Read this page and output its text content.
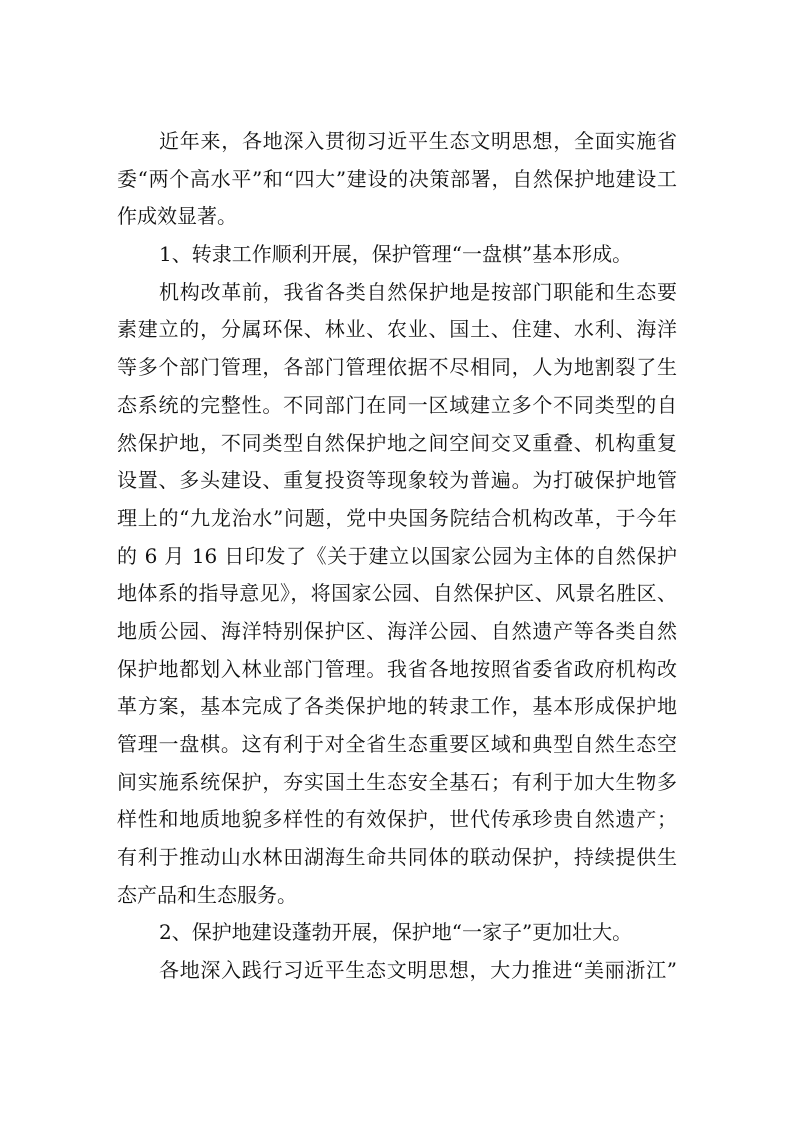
近年来，各地深入贯彻习近平生态文明思想，全面实施省
委“两个高水平”和“四大”建设的决策部署，自然保护地建设工
作成效显著。
1、转隶工作顺利开展，保护管理“一盘棋”基本形成。
机构改革前，我省各类自然保护地是按部门职能和生态要
素建立的，分属环保、林业、农业、国土、住建、水利、海洋
等多个部门管理，各部门管理依据不尽相同，人为地割裂了生
态系统的完整性。不同部门在同一区域建立多个不同类型的自
然保护地，不同类型自然保护地之间空间交叉重叠、机构重复
设置、多头建设、重复投资等现象较为普遍。为打破保护地管
理上的“九龙治水”问题，党中央国务院结合机构改革，于今年
的 6 月 16 日印发了《关于建立以国家公园为主体的自然保护
地体系的指导意见》，将国家公园、自然保护区、风景名胜区、
地质公园、海洋特别保护区、海洋公园、自然遗产等各类自然
保护地都划入林业部门管理。我省各地按照省委省政府机构改
革方案，基本完成了各类保护地的转隶工作，基本形成保护地
管理一盘棋。这有利于对全省生态重要区域和典型自然生态空
间实施系统保护，夯实国土生态安全基石；有利于加大生物多
样性和地质地貌多样性的有效保护，世代传承珍贵自然遗产；
有利于推动山水林田湖海生命共同体的联动保护，持续提供生
态产品和生态服务。
2、保护地建设蓬勃开展，保护地“一家子”更加壮大。
各地深入践行习近平生态文明思想，大力推进“美丽浙江”
